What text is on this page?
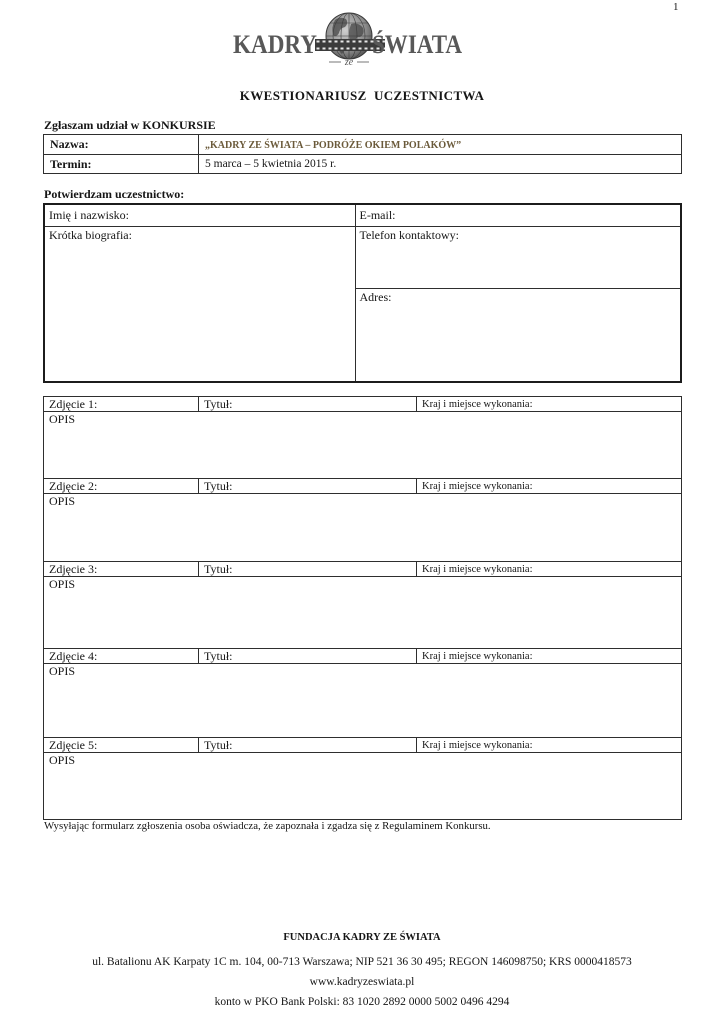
1
KADRY ŚWIATA
ze
KWESTIONARIUSZ  UCZESTNICTWA
Zgłaszam udział w KONKURSIE
Nazwa:	„KADRY ZE ŚWIATA – PODRÓŻE OKIEM POLAKÓW”
Termin:	5 marca – 5 kwietnia 2015 r.
Potwierdzam uczestnictwo:
Imię i nazwisko:	E-mail:
Krótka biografia:	Telefon kontaktowy:
	Adres:
Zdjęcie 1:	Tytuł:	Kraj i miejsce wykonania:
OPIS		
Zdjęcie 2:	Tytuł:	Kraj i miejsce wykonania:
OPIS		
Zdjęcie 3:	Tytuł:	Kraj i miejsce wykonania:
OPIS		
Zdjęcie 4:	Tytuł:	Kraj i miejsce wykonania:
OPIS		
Zdjęcie 5:	Tytuł:	Kraj i miejsce wykonania:
OPIS		
Wysyłając formularz zgłoszenia osoba oświadcza, że zapoznała i zgadza się z Regulaminem Konkursu.
FUNDACJA KADRY ZE ŚWIATA
ul. Batalionu AK Karpaty 1C m. 104, 00-713 Warszawa; NIP 521 36 30 495; REGON 146098750; KRS 0000418573
www.kadryzeswiata.pl
konto w PKO Bank Polski: 83 1020 2892 0000 5002 0496 4294
